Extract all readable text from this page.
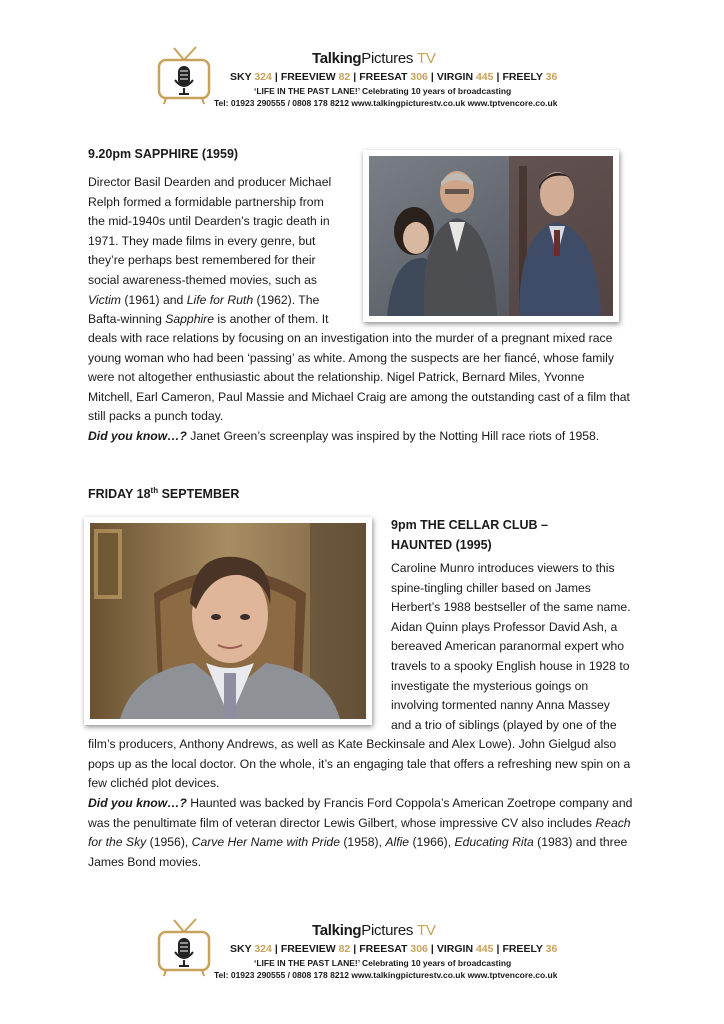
TalkingPictures TV
SKY 324 | FREEVIEW 82 | FREESAT 306 | VIRGIN 445 | FREELY 36
‘LIFE IN THE PAST LANE!’ Celebrating 10 years of broadcasting
Tel: 01923 290555 / 0808 178 8212 www.talkingpicturestv.co.uk www.tptvencore.co.uk
9.20pm SAPPHIRE (1959)

Director Basil Dearden and producer Michael

Relph formed a formidable partnership from

the mid-1940s until Dearden’s tragic death in

1971. They made films in every genre, but

they’re perhaps best remembered for their

social awareness-themed movies, such as

Victim (1961) and Life for Ruth (1962). The

Bafta-winning Sapphire is another of them. It

deals with race relations by focusing on an investigation into the murder of a pregnant mixed race

young woman who had been ‘passing’ as white. Among the suspects are her fiancé, whose family

were not altogether enthusiastic about the relationship. Nigel Patrick, Bernard Miles, Yvonne

Mitchell, Earl Cameron, Paul Massie and Michael Craig are among the outstanding cast of a film that

still packs a punch today.

Did you know…? Janet Green’s screenplay was inspired by the Notting Hill race riots of 1958.
FRIDAY 18th SEPTEMBER
9pm THE CELLAR CLUB –
HAUNTED (1995)

Caroline Munro introduces viewers to this

spine-tingling chiller based on James

Herbert’s 1988 bestseller of the same name.

Aidan Quinn plays Professor David Ash, a

bereaved American paranormal expert who

travels to a spooky English house in 1928 to

investigate the mysterious goings on

involving tormented nanny Anna Massey

and a trio of siblings (played by one of the

film’s producers, Anthony Andrews, as well as Kate Beckinsale and Alex Lowe). John Gielgud also

pops up as the local doctor. On the whole, it’s an engaging tale that offers a refreshing new spin on a

few clichéd plot devices.

Did you know…? Haunted was backed by Francis Ford Coppola’s American Zoetrope company and
was the penultimate film of veteran director Lewis Gilbert, whose impressive CV also includes Reach
for the Sky (1956), Carve Her Name with Pride (1958), Alfie (1966), Educating Rita (1983) and three
James Bond movies.
TalkingPictures TV
SKY 324 | FREEVIEW 82 | FREESAT 306 | VIRGIN 445 | FREELY 36
‘LIFE IN THE PAST LANE!’ Celebrating 10 years of broadcasting
Tel: 01923 290555 / 0808 178 8212 www.talkingpicturestv.co.uk www.tptvencore.co.uk
